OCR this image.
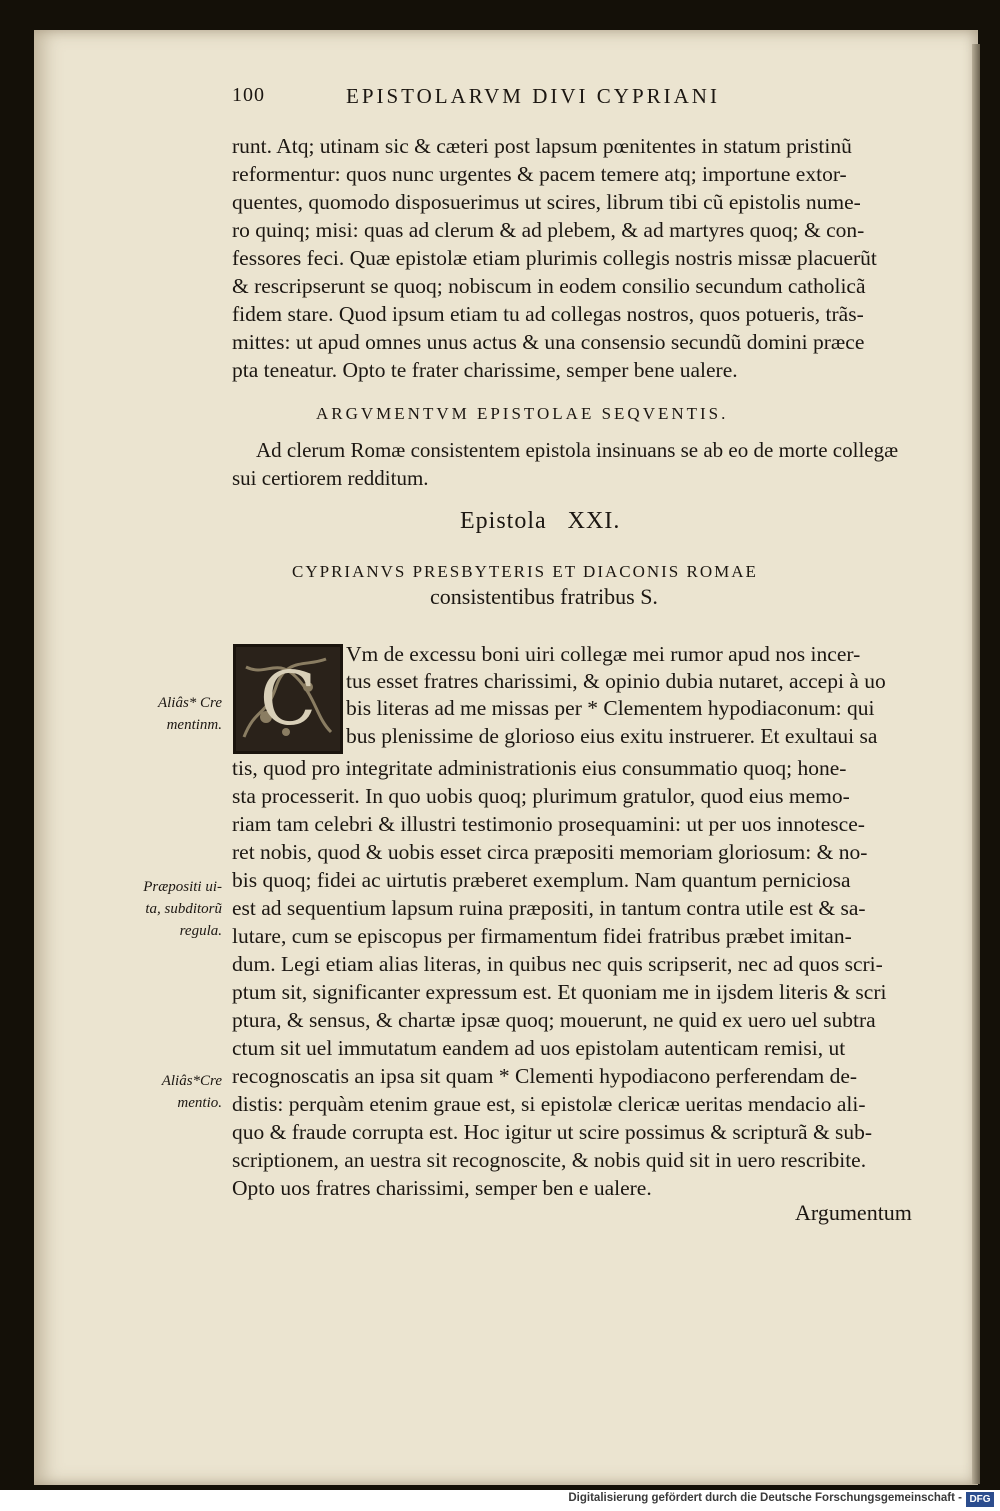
100	EPISTOLARVM DIVI CYPRIANI
runt. Atq; utinam sic & cæteri post lapsum pœnitentes in statum pristinũ
reformentur: quos nunc urgentes & pacem temere atq; importune extor-
quentes, quomodo disposuerimus ut scires, librum tibi cũ epistolis nume-
ro quinq; misi: quas ad clerum & ad plebem, & ad martyres quoq; & con-
fessores feci. Quæ epistolæ etiam plurimis collegis nostris missæ placuerũt
& rescripserunt se quoq; nobiscum in eodem consilio secundum catholicã
fidem stare. Quod ipsum etiam tu ad collegas nostros, quos potueris, trãs-
mittes: ut apud omnes unus actus & una consensio secundũ domini præce
pta teneatur. Opto te frater charissime, semper bene ualere.
ARGVMENTVM EPISTOLAE SEQVENTIS.
Ad clerum Romæ consistentem epistola insinuans se ab eo de morte collegæ
sui certiorem redditum.
Epistola   XXI.
CYPRIANVS PRESBYTERIS ET DIACONIS ROMAE
consistentibus fratribus S.
C
Vm de excessu boni uiri collegæ mei rumor apud nos incer-
tus esset fratres charissimi, & opinio dubia nutaret, accepi à uo
bis literas ad me missas per * Clementem hypodiaconum: qui
bus plenissime de glorioso eius exitu instruerer. Et exultaui sa
tis, quod pro integritate administrationis eius consummatio quoq; hone-
sta processerit. In quo uobis quoq; plurimum gratulor, quod eius memo-
riam tam celebri & illustri testimonio prosequamini: ut per uos innotesce-
ret nobis, quod & uobis esset circa præpositi memoriam gloriosum: & no-
bis quoq; fidei ac uirtutis præberet exemplum. Nam quantum perniciosa
est ad sequentium lapsum ruina præpositi, in tantum contra utile est & sa-
lutare, cum se episcopus per firmamentum fidei fratribus præbet imitan-
dum. Legi etiam alias literas, in quibus nec quis scripserit, nec ad quos scri-
ptum sit, significanter expressum est. Et quoniam me in ijsdem literis & scri
ptura, & sensus, & chartæ ipsæ quoq; mouerunt, ne quid ex uero uel subtra
ctum sit uel immutatum eandem ad uos epistolam autenticam remisi, ut
recognoscatis an ipsa sit quam * Clementi hypodiacono perferendam de-
distis: perquàm etenim graue est, si epistolæ clericæ ueritas mendacio ali-
quo & fraude corrupta est. Hoc igitur ut scire possimus & scripturã & sub-
scriptionem, an uestra sit recognoscite, & nobis quid sit in uero rescribite.
Opto uos fratres charissimi, semper ben e ualere.
Aliâs* Cre
mentinm.
Præpositi ui-
ta, subditorũ
regula.
Aliâs*Cre
mentio.
Argumentum
Digitalisierung gefördert durch die Deutsche Forschungsgemeinschaft - DFG
